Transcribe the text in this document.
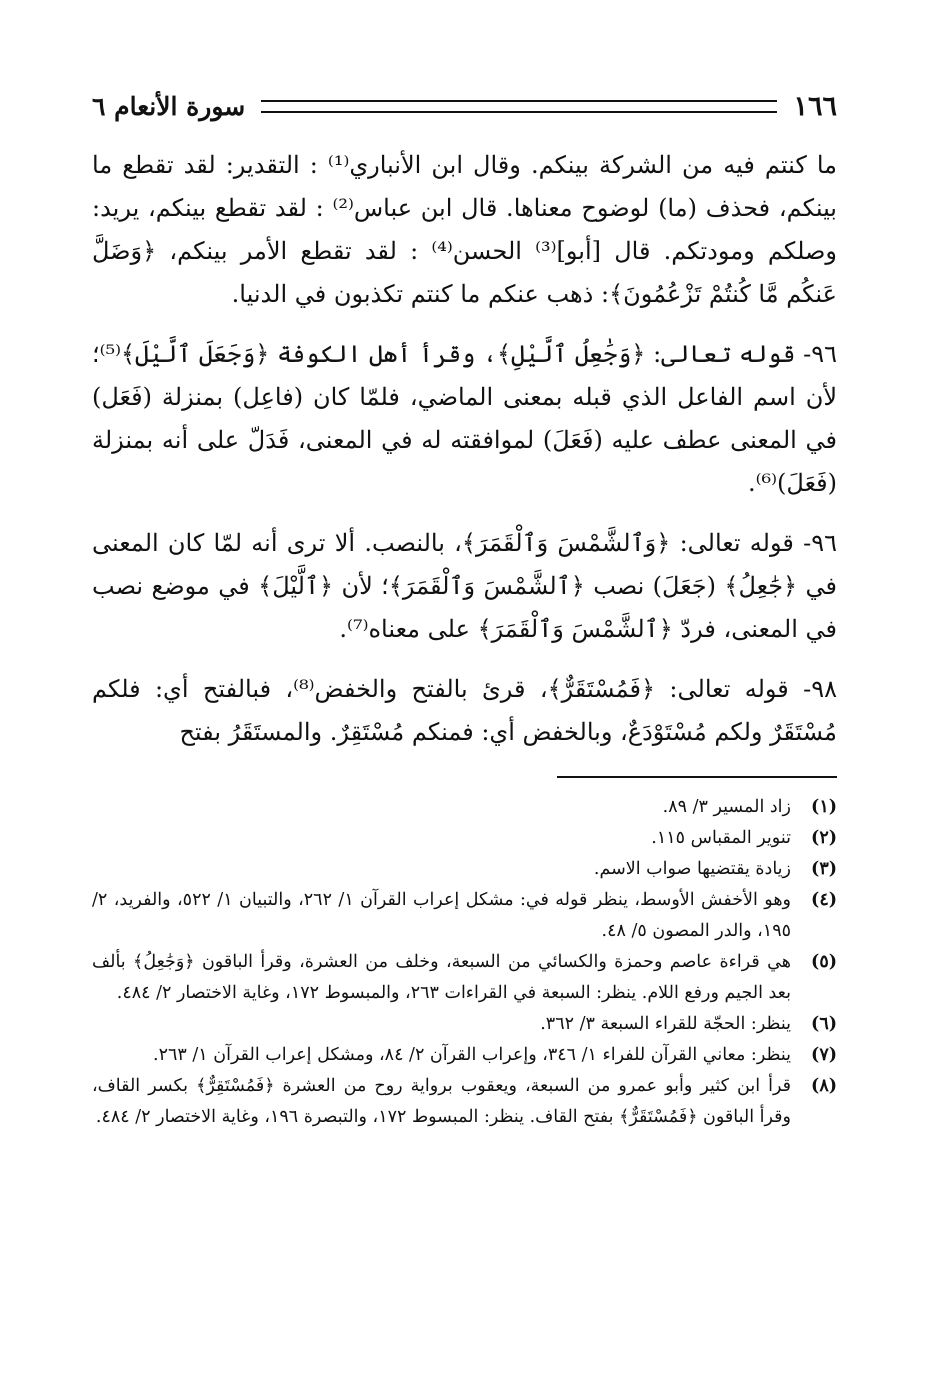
١٦٦
سورة الأنعام ٦

ما كنتم فيه من الشركة بينكم. وقال ابن الأنباري⁽¹⁾ : التقدير: لقد تقطع ما بينكم، فحذف (ما) لوضوح معناها. قال ابن عباس⁽²⁾ : لقد تقطع بينكم، يريد: وصلكم ومودتكم. قال [أبو]⁽³⁾ الحسن⁽⁴⁾ : لقد تقطع الأمر بينكم، ﴿وَضَلَّ عَنكُم مَّا كُنتُمْ تَزْعُمُونَ﴾: ذهب عنكم ما كنتم تكذبون في الدنيا.

٩٦- قوله تعالى: ﴿وَجَٰعِلُ ٱلَّيْلِ﴾، وقرأ أهل الكوفة ﴿وَجَعَلَ ٱلَّيْلَ﴾⁽⁵⁾؛ لأن اسم الفاعل الذي قبله بمعنى الماضي، فلمّا كان (فاعِل) بمنزلة (فَعَل) في المعنى عطف عليه (فَعَلَ) لموافقته له في المعنى، فَدَلّ على أنه بمنزلة (فَعَلَ)⁽⁶⁾.

٩٦- قوله تعالى: ﴿وَٱلشَّمْسَ وَٱلْقَمَرَ﴾، بالنصب. ألا ترى أنه لمّا كان المعنى في ﴿جَٰعِلُ﴾ (جَعَلَ) نصب ﴿ٱلشَّمْسَ وَٱلْقَمَرَ﴾؛ لأن ﴿ٱلَّيْلَ﴾ في موضع نصب في المعنى، فردّ ﴿ٱلشَّمْسَ وَٱلْقَمَرَ﴾ على معناه⁽⁷⁾.

٩٨- قوله تعالى: ﴿فَمُسْتَقَرٌّ﴾، قرئ بالفتح والخفض⁽⁸⁾، فبالفتح أي: فلكم مُسْتَقَرٌ ولكم مُسْتَوْدَعٌ، وبالخفض أي: فمنكم مُسْتَقِرٌ. والمستَقَرُ بفتح

(١)
زاد المسير ٣/ ٨٩.
(٢)
تنوير المقباس ١١٥.
(٣)
زيادة يقتضيها صواب الاسم.
(٤)
وهو الأخفش الأوسط، ينظر قوله في: مشكل إعراب القرآن ١/ ٢٦٢، والتبيان ١/ ٥٢٢، والفريد، ٢/ ١٩٥، والدر المصون ٥/ ٤٨.
(٥)
هي قراءة عاصم وحمزة والكسائي من السبعة، وخلف من العشرة، وقرأ الباقون ﴿وَجَٰعِلُ﴾ بألف بعد الجيم ورفع اللام. ينظر: السبعة في القراءات ٢٦٣، والمبسوط ١٧٢، وغاية الاختصار ٢/ ٤٨٤.
(٦)
ينظر: الحجّة للقراء السبعة ٣/ ٣٦٢.
(٧)
ينظر: معاني القرآن للفراء ١/ ٣٤٦، وإعراب القرآن ٢/ ٨٤، ومشكل إعراب القرآن ١/ ٢٦٣.
(٨)
قرأ ابن كثير وأبو عمرو من السبعة، ويعقوب برواية روح من العشرة ﴿فَمُسْتَقِرٌّ﴾ بكسر القاف، وقرأ الباقون ﴿فَمُسْتَقَرٌّ﴾ بفتح القاف. ينظر: المبسوط ١٧٢، والتبصرة ١٩٦، وغاية الاختصار ٢/ ٤٨٤.
